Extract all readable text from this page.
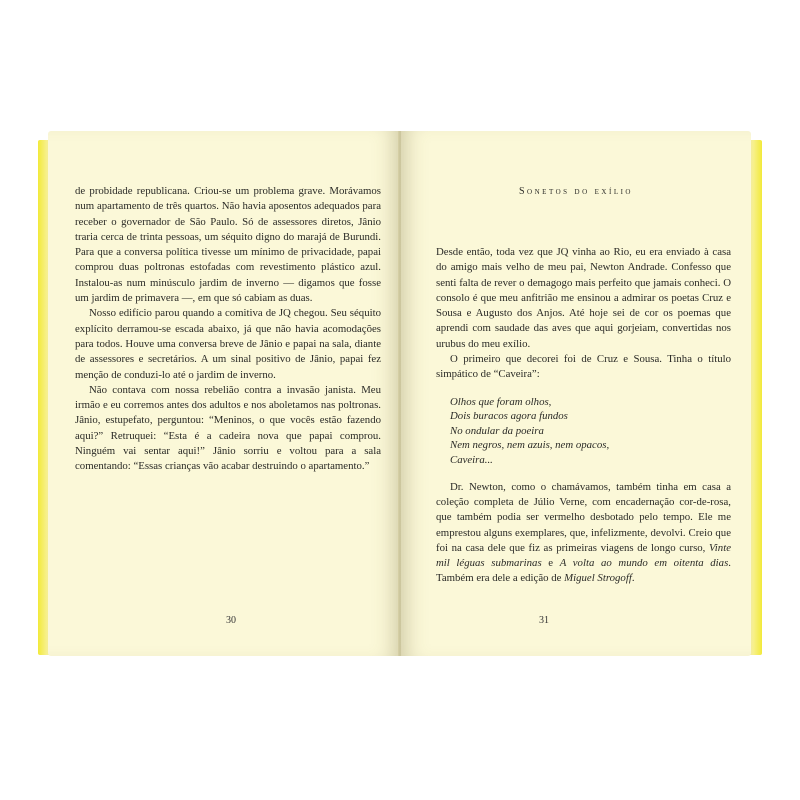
de probidade republicana. Criou-se um problema grave. Morávamos num apartamento de três quartos. Não havia aposentos adequados para receber o governador de São Paulo. Só de assessores diretos, Jânio traria cerca de trinta pessoas, um séquito digno do marajá de Burundi. Para que a conversa política tivesse um mínimo de privacidade, papai comprou duas poltronas estofadas com revestimento plástico azul. Instalou-as num minúsculo jardim de inverno — digamos que fosse um jardim de primavera —, em que só cabiam as duas.

Nosso edifício parou quando a comitiva de JQ chegou. Seu séquito explícito derramou-se escada abaixo, já que não havia acomodações para todos. Houve uma conversa breve de Jânio e papai na sala, diante de assessores e secretários. A um sinal positivo de Jânio, papai fez menção de conduzi-lo até o jardim de inverno.

Não contava com nossa rebelião contra a invasão janista. Meu irmão e eu corremos antes dos adultos e nos aboletamos nas poltronas. Jânio, estupefato, perguntou: “Meninos, o que vocês estão fazendo aqui?” Retruquei: “Esta é a cadeira nova que papai comprou. Ninguém vai sentar aqui!” Jânio sorriu e voltou para a sala comentando: “Essas crianças vão acabar destruindo o apartamento.”

30
Sonetos do exílio

Desde então, toda vez que JQ vinha ao Rio, eu era enviado à casa do amigo mais velho de meu pai, Newton Andrade. Confesso que senti falta de rever o demagogo mais perfeito que jamais conheci. O consolo é que meu anfitrião me ensinou a admirar os poetas Cruz e Sousa e Augusto dos Anjos. Até hoje sei de cor os poemas que aprendi com saudade das aves que aqui gorjeiam, convertidas nos urubus do meu exílio.

O primeiro que decorei foi de Cruz e Sousa. Tinha o título simpático de “Caveira”:

Olhos que foram olhos,
Dois buracos agora fundos
No ondular da poeira
Nem negros, nem azuis, nem opacos,
Caveira...

Dr. Newton, como o chamávamos, também tinha em casa a coleção completa de Júlio Verne, com encadernação cor-de-rosa, que também podia ser vermelho desbotado pelo tempo. Ele me emprestou alguns exemplares, que, infelizmente, devolvi. Creio que foi na casa dele que fiz as primeiras viagens de longo curso, Vinte mil léguas submarinas e A volta ao mundo em oitenta dias. Também era dele a edição de Miguel Strogoff.

31
